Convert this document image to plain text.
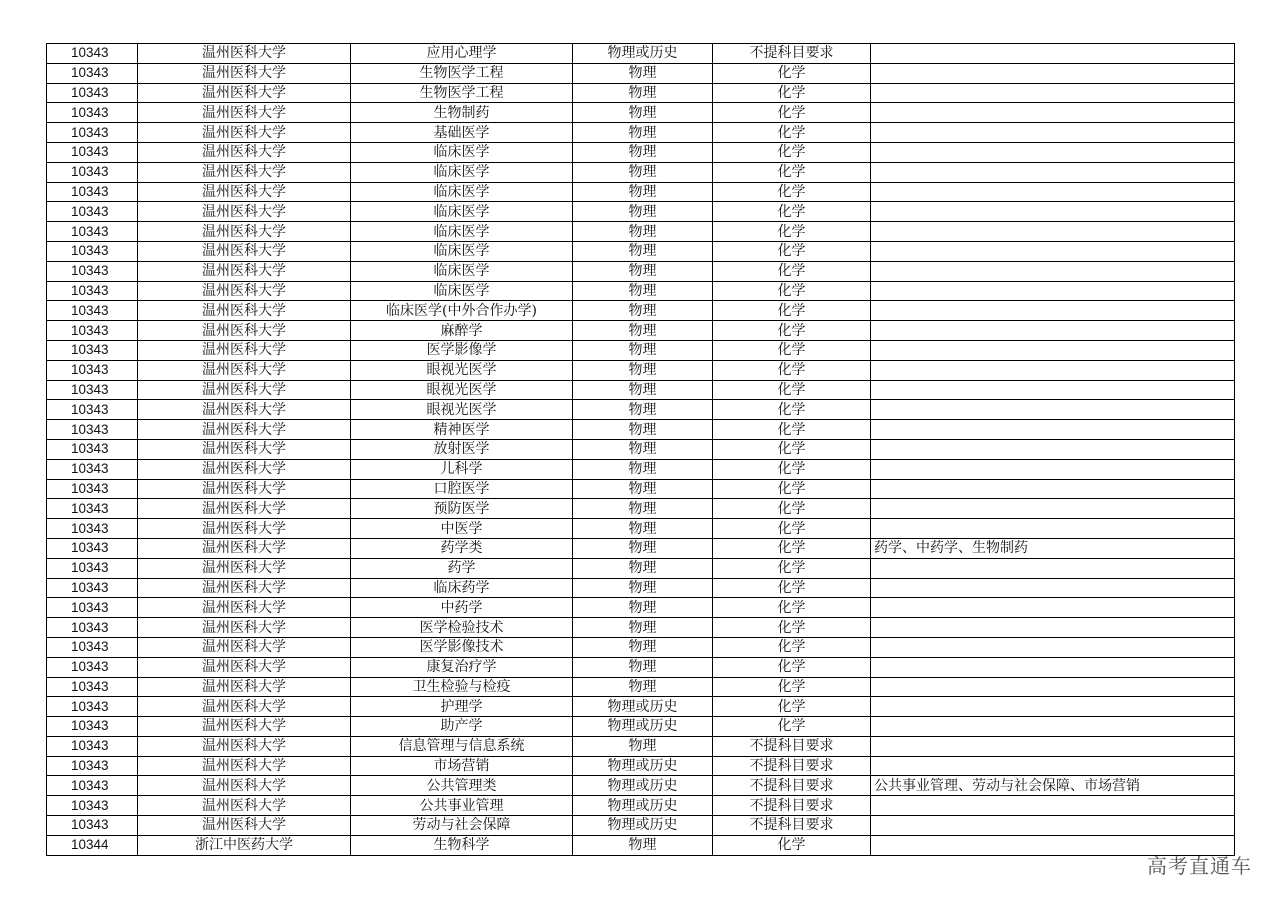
10343	温州医科大学	应用心理学	物理或历史	不提科目要求	
10343	温州医科大学	生物医学工程	物理	化学	
10343	温州医科大学	生物医学工程	物理	化学	
10343	温州医科大学	生物制药	物理	化学	
10343	温州医科大学	基础医学	物理	化学	
10343	温州医科大学	临床医学	物理	化学	
10343	温州医科大学	临床医学	物理	化学	
10343	温州医科大学	临床医学	物理	化学	
10343	温州医科大学	临床医学	物理	化学	
10343	温州医科大学	临床医学	物理	化学	
10343	温州医科大学	临床医学	物理	化学	
10343	温州医科大学	临床医学	物理	化学	
10343	温州医科大学	临床医学	物理	化学	
10343	温州医科大学	临床医学(中外合作办学)	物理	化学	
10343	温州医科大学	麻醉学	物理	化学	
10343	温州医科大学	医学影像学	物理	化学	
10343	温州医科大学	眼视光医学	物理	化学	
10343	温州医科大学	眼视光医学	物理	化学	
10343	温州医科大学	眼视光医学	物理	化学	
10343	温州医科大学	精神医学	物理	化学	
10343	温州医科大学	放射医学	物理	化学	
10343	温州医科大学	儿科学	物理	化学	
10343	温州医科大学	口腔医学	物理	化学	
10343	温州医科大学	预防医学	物理	化学	
10343	温州医科大学	中医学	物理	化学	
10343	温州医科大学	药学类	物理	化学	药学、中药学、生物制药
10343	温州医科大学	药学	物理	化学	
10343	温州医科大学	临床药学	物理	化学	
10343	温州医科大学	中药学	物理	化学	
10343	温州医科大学	医学检验技术	物理	化学	
10343	温州医科大学	医学影像技术	物理	化学	
10343	温州医科大学	康复治疗学	物理	化学	
10343	温州医科大学	卫生检验与检疫	物理	化学	
10343	温州医科大学	护理学	物理或历史	化学	
10343	温州医科大学	助产学	物理或历史	化学	
10343	温州医科大学	信息管理与信息系统	物理	不提科目要求	
10343	温州医科大学	市场营销	物理或历史	不提科目要求	
10343	温州医科大学	公共管理类	物理或历史	不提科目要求	公共事业管理、劳动与社会保障、市场营销
10343	温州医科大学	公共事业管理	物理或历史	不提科目要求	
10343	温州医科大学	劳动与社会保障	物理或历史	不提科目要求	
10344	浙江中医药大学	生物科学	物理	化学	
高考直通车
